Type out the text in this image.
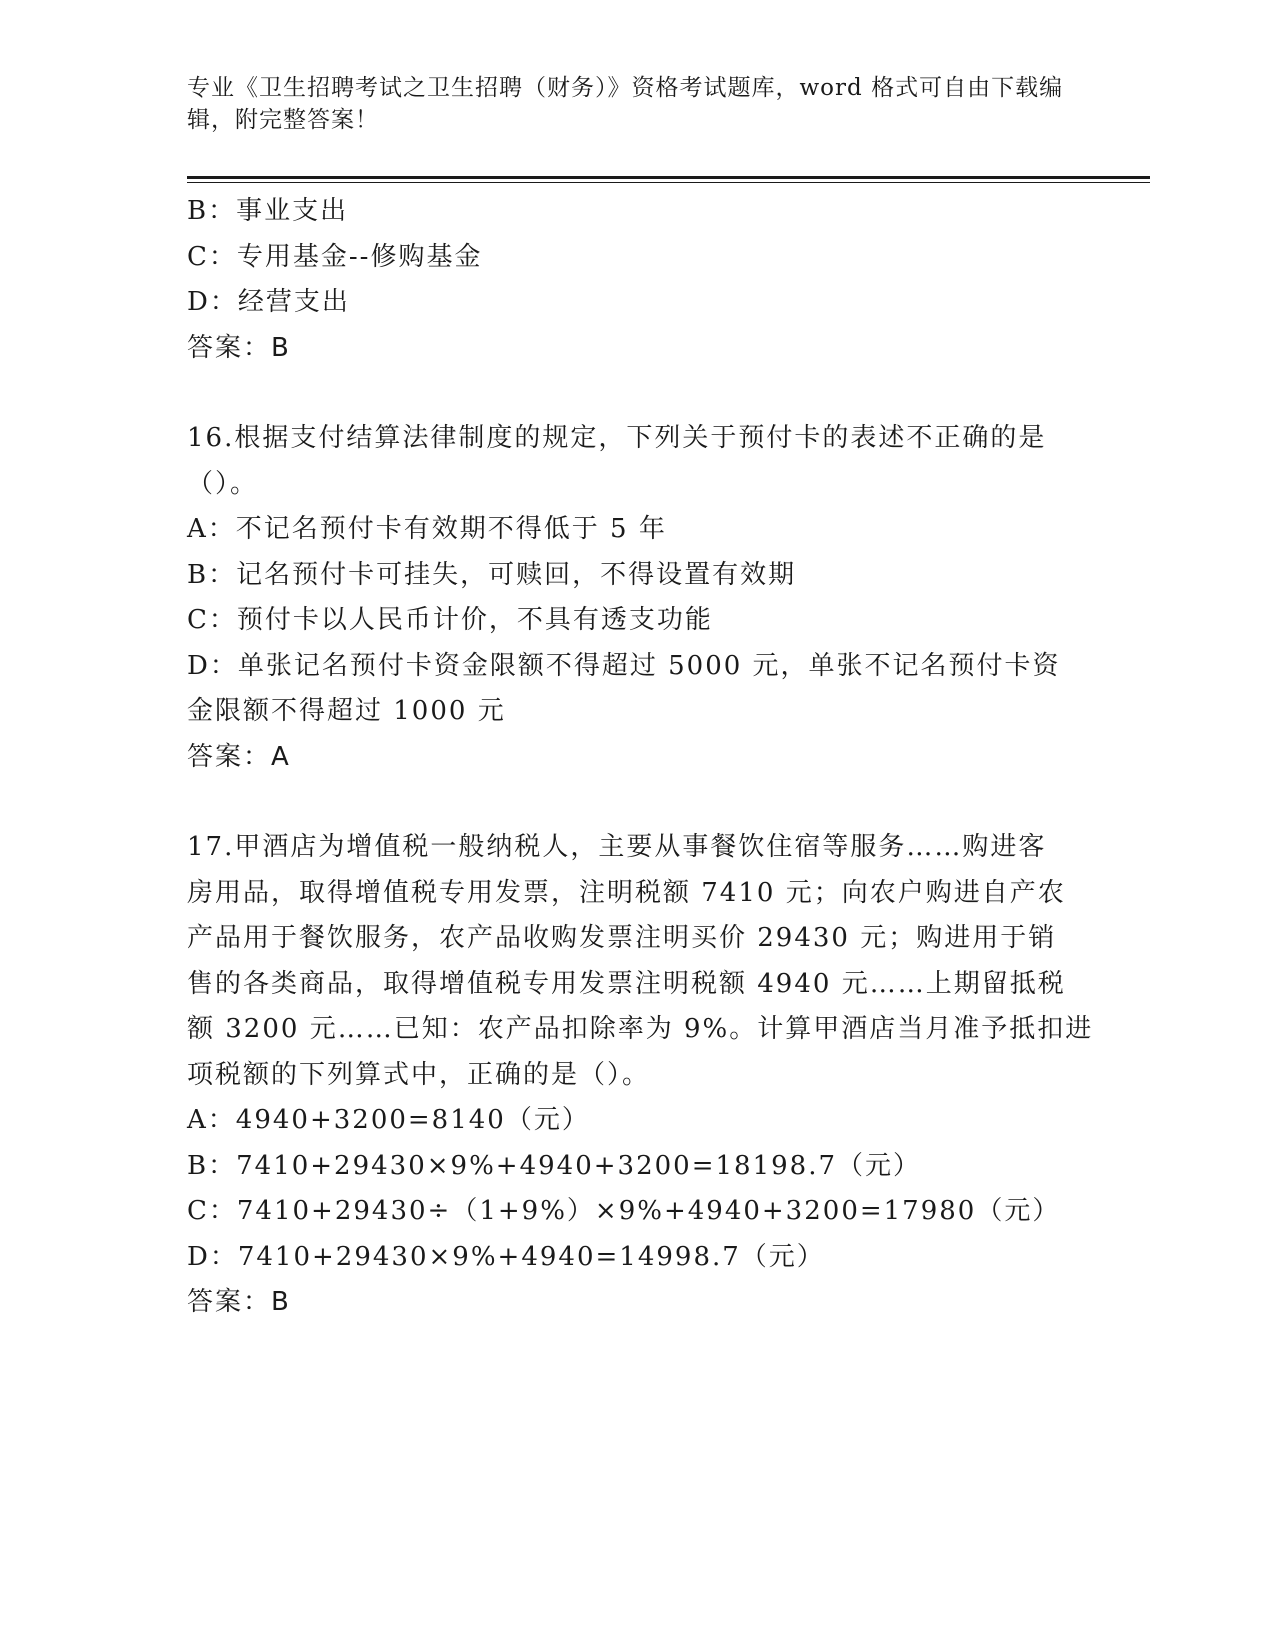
专业《卫生招聘考试之卫生招聘（财务）》资格考试题库，word 格式可自由下载编辑，附完整答案！
B：事业支出
C：专用基金--修购基金
D：经营支出
答案：B
16.根据支付结算法律制度的规定，下列关于预付卡的表述不正确的是
（）。
A：不记名预付卡有效期不得低于 5 年
B：记名预付卡可挂失，可赎回，不得设置有效期
C：预付卡以人民币计价，不具有透支功能
D：单张记名预付卡资金限额不得超过 5000 元，单张不记名预付卡资
金限额不得超过 1000 元
答案：A
17.甲酒店为增值税一般纳税人，主要从事餐饮住宿等服务……购进客
房用品，取得增值税专用发票，注明税额 7410 元；向农户购进自产农
产品用于餐饮服务，农产品收购发票注明买价 29430 元；购进用于销
售的各类商品，取得增值税专用发票注明税额 4940 元……上期留抵税
额 3200 元……已知：农产品扣除率为 9%。计算甲酒店当月准予抵扣进
项税额的下列算式中，正确的是（）。
A：4940+3200=8140（元）
B：7410+29430×9%+4940+3200=18198.7（元）
C：7410+29430÷（1+9%）×9%+4940+3200=17980（元）
D：7410+29430×9%+4940=14998.7（元）
答案：B
